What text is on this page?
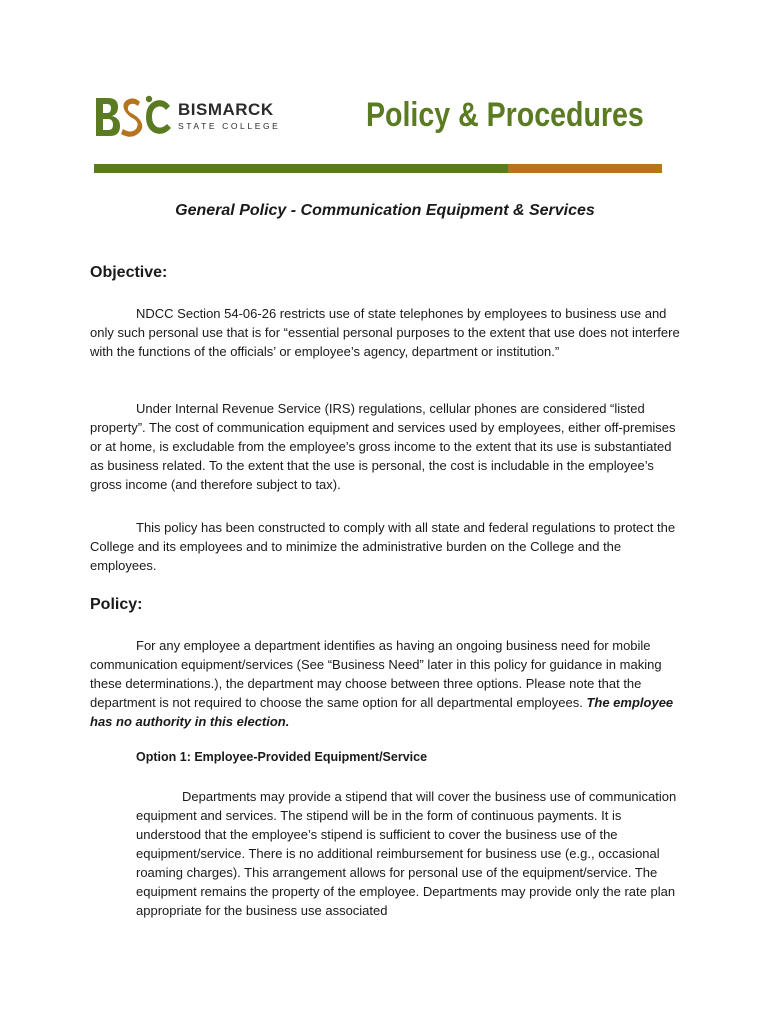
BISMARCK
STATE COLLEGE	Policy & Procedures
General Policy - Communication Equipment & Services
Objective:

NDCC Section 54-06-26 restricts use of state telephones by employees to business use and only such personal use that is for “essential personal purposes to the extent that use does not interfere with the functions of the officials’ or employee’s agency, department or institution.”

Under Internal Revenue Service (IRS) regulations, cellular phones are considered “listed property”. The cost of communication equipment and services used by employees, either off-premises or at home, is excludable from the employee’s gross income to the extent that its use is substantiated as business related. To the extent that the use is personal, the cost is includable in the employee’s gross income (and therefore subject to tax).

This policy has been constructed to comply with all state and federal regulations to protect the College and its employees and to minimize the administrative burden on the College and the employees.

Policy:

For any employee a department identifies as having an ongoing business need for mobile communication equipment/services (See “Business Need” later in this policy for guidance in making these determinations.), the department may choose between three options. Please note that the department is not required to choose the same option for all departmental employees. The employee has no authority in this election.

Option 1: Employee-Provided Equipment/Service

Departments may provide a stipend that will cover the business use of communication equipment and services. The stipend will be in the form of continuous payments. It is understood that the employee’s stipend is sufficient to cover the business use of the equipment/service. There is no additional reimbursement for business use (e.g., occasional roaming charges). This arrangement allows for personal use of the equipment/service. The equipment remains the property of the employee. Departments may provide only the rate plan appropriate for the business use associated
